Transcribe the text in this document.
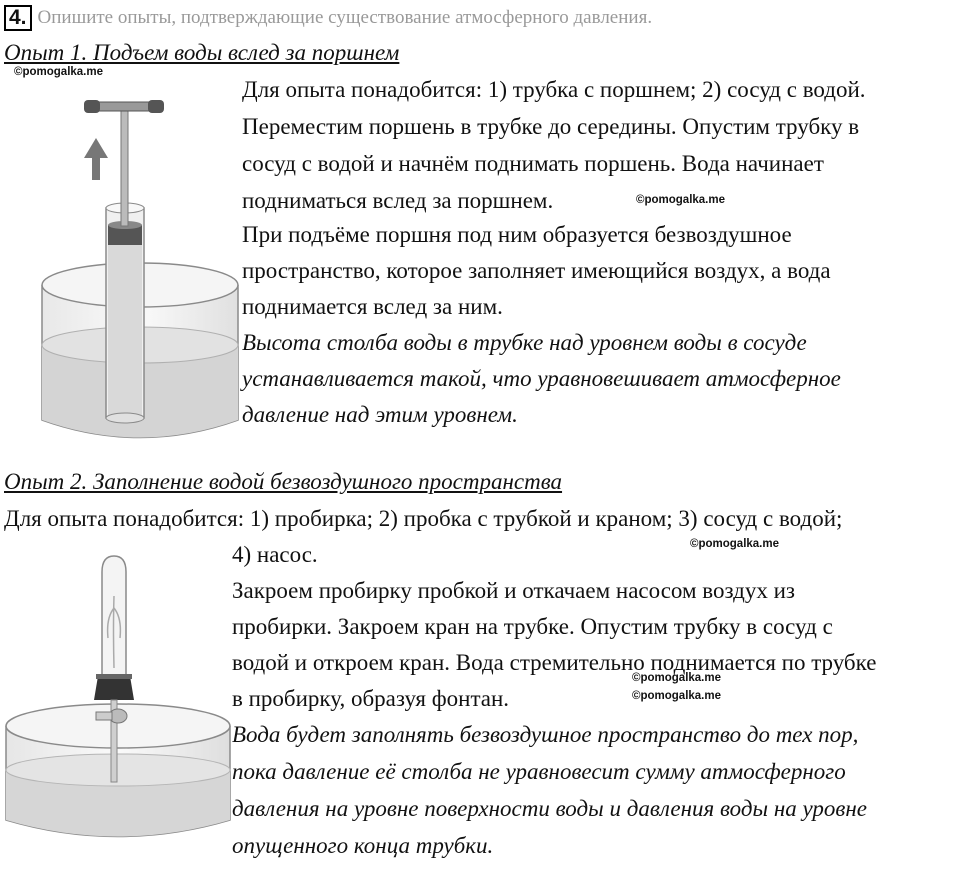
4. Опишите опыты, подтверждающие существование атмосферного давления.
Опыт 1. Подъем воды вслед за поршнем
©pomogalka.me
Для опыта понадобится: 1) трубка с поршнем; 2) сосуд с водой.
Переместим поршень в трубке до середины. Опустим трубку в
сосуд с водой и начнём поднимать поршень. Вода начинает
подниматься вслед за поршнем.
При подъёме поршня под ним образуется безвоздушное
пространство, которое заполняет имеющийся воздух, а вода
поднимается вслед за ним.
Высота столба воды в трубке над уровнем воды в сосуде
устанавливается такой, что уравновешивает атмосферное
давление над этим уровнем.
©pomogalka.me
Опыт 2. Заполнение водой безвоздушного пространства
Для опыта понадобится: 1) пробирка; 2) пробка с трубкой и краном; 3) сосуд с водой;
4) насос.
Закроем пробирку пробкой и откачаем насосом воздух из
пробирки. Закроем кран на трубке. Опустим трубку в сосуд с
водой и откроем кран. Вода стремительно поднимается по трубке
в пробирку, образуя фонтан.
Вода будет заполнять безвоздушное пространство до тех пор,
пока давление её столба не уравновесит сумму атмосферного
давления на уровне поверхности воды и давления воды на уровне
опущенного конца трубки.
©pomogalka.me
©pomogalka.me
©pomogalka.me
